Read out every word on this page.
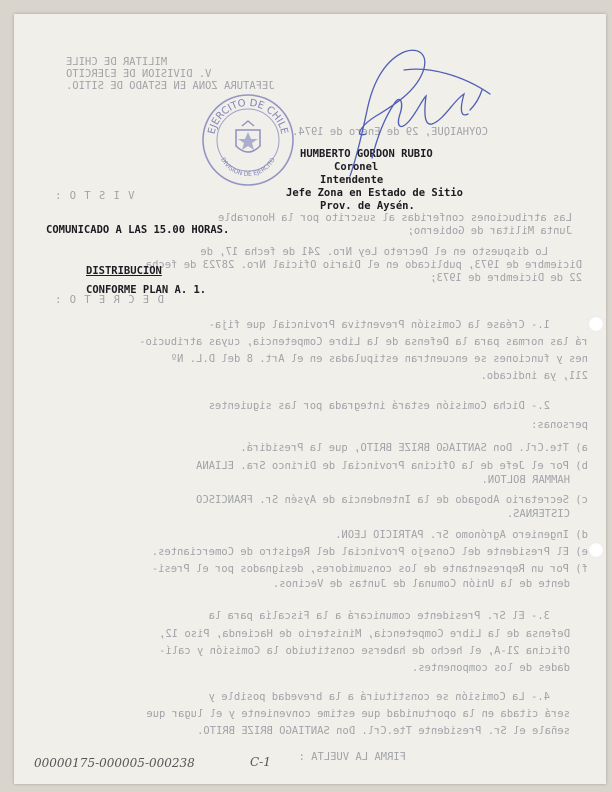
MILITAR DE CHILE
V. DIVISION DE EJERCITO
JEFATURA ZONA EN ESTADO DE SITIO.
COYHAIQUE, 29 de Enero de 1974.
V I S T O :
Las atribuciones conferidas al suscrito por la Honorable
Junta Militar de Gobierno;
Lo dispuesto en el Decreto Ley Nro. 241 de fecha 17, de
Diciembre de 1973, publicado en el Diario Oficial Nro. 28723 de fecha
22 de Diciembre de 1973;
D E C R E T O :
1.- Créase la Comisión Preventiva Provincial que fija-
rá las normas para la Defensa de la Libre Competencia, cuyas atribucio-
nes y funciones se encuentran estipuladas en el Art. 8 del D.L. Nº
211, ya indicado.
2.- Dicha Comisión estará integrada por las siguientes
personas:
a) Tte.Crl. Don SANTIAGO BRIZE BRITO, que la Presidirá.
b) Por el Jefe de la Oficina Provincial de Dirinco Sra. ELIANA
HAMMAR BOLTON.
c) Secretario Abogado de la Intendencia de Aysén Sr. FRANCISCO
CISTERNAS.
d) Ingeniero Agrónomo Sr. PATRICIO LEON.
e) El Presidente del Consejo Provincial del Registro de Comerciantes.
f) Por un Representante de los consumidores, designados por el Presi-
dente de la Unión Comunal de Juntas de Vecinos.
3.- El Sr. Presidente comunicará a la Fiscalía para la
Defensa de la Libre Competencia, Ministerio de Hacienda, Piso 12,
Oficina 21-A, el hecho de haberse constituido la Comisión y calí-
dades de los componentes.
4.- La Comisión se constituirá a la brevedad posible y
será citada en la oportunidad que estime conveniente y el lugar que
señale el Sr. Presidente Tte.Crl. Don SANTIAGO BRIZE BRITO.
FIRMA LA VUELTA :
HUMBERTO GORDON RUBIO
Coronel
Intendente
Jefe Zona en Estado de Sitio
Prov. de Aysén.
COMUNICADO A LAS 15.00 HORAS.
DISTRIBUCION
CONFORME PLAN A. 1.
EJERCITO DE CHILE
DIVISION DE EJERCITO
00000175-000005-000238	C-1
